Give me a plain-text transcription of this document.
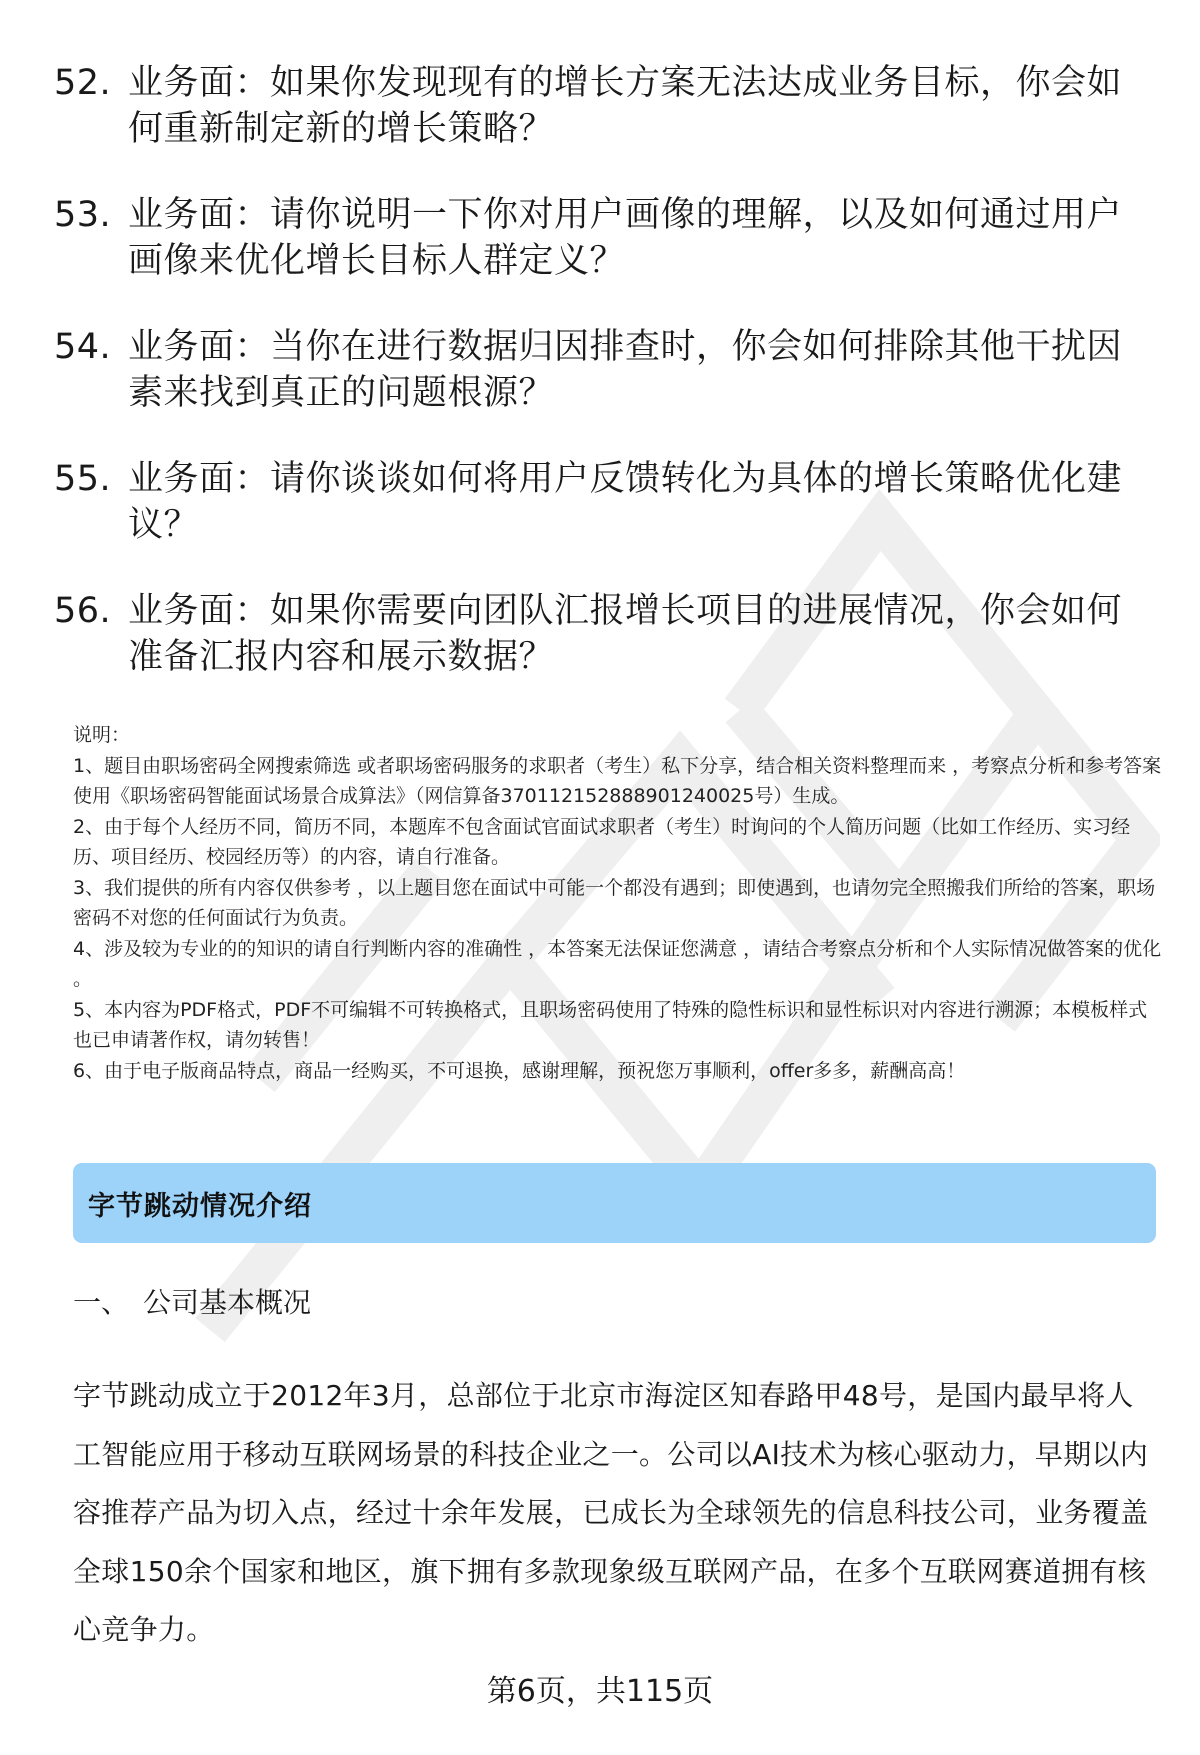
52. 业务面：如果你发现现有的增长方案无法达成业务目标，你会如何重新制定新的增长策略？
53. 业务面：请你说明一下你对用户画像的理解，以及如何通过用户画像来优化增长目标人群定义？
54. 业务面：当你在进行数据归因排查时，你会如何排除其他干扰因素来找到真正的问题根源？
55. 业务面：请你谈谈如何将用户反馈转化为具体的增长策略优化建议？
56. 业务面：如果你需要向团队汇报增长项目的进展情况，你会如何准备汇报内容和展示数据？

说明：

1、题目由职场密码全网搜索筛选 或者职场密码服务的求职者（考生）私下分享，结合相关资料整理而来 ，考察点分析和参考答案使用《职场密码智能面试场景合成算法》（网信算备370112152888901240025号）生成。

2、由于每个人经历不同，简历不同，本题库不包含面试官面试求职者（考生）时询问的个人简历问题（比如工作经历、实习经历、项目经历、校园经历等）的内容，请自行准备。

3、我们提供的所有内容仅供参考 ，以上题目您在面试中可能一个都没有遇到；即使遇到，也请勿完全照搬我们所给的答案，职场密码不对您的任何面试行为负责。

4、涉及较为专业的的知识的请自行判断内容的准确性 ，本答案无法保证您满意 ，请结合考察点分析和个人实际情况做答案的优化 。

5、本内容为PDF格式，PDF不可编辑不可转换格式，且职场密码使用了特殊的隐性标识和显性标识对内容进行溯源；本模板样式也已申请著作权，请勿转售！

6、由于电子版商品特点，商品一经购买，不可退换，感谢理解，预祝您万事顺利，offer多多，薪酬高高！

字节跳动情况介绍
一、 公司基本概况
字节跳动成立于2012年3月，总部位于北京市海淀区知春路甲48号，是国内最早将人工智能应用于移动互联网场景的科技企业之一。公司以AI技术为核心驱动力，早期以内容推荐产品为切入点，经过十余年发展，已成长为全球领先的信息科技公司，业务覆盖全球150余个国家和地区，旗下拥有多款现象级互联网产品，在多个互联网赛道拥有核心竞争力。
第6页，共115页
